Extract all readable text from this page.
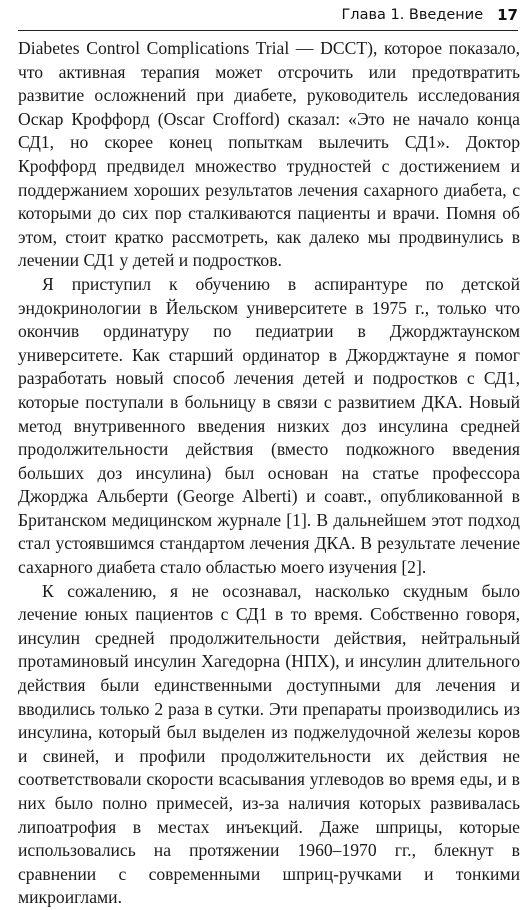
Глава 1. Введение 17

Diabetes Control Complications Trial — DCCT), которое показало, что активная терапия может отсрочить или предотвратить развитие осложнений при диабете, руководитель исследования Оскар Кроффорд (Oscar Crofford) сказал: «Это не начало конца СД1, но скорее конец попыткам вылечить СД1». Доктор Кроффорд предвидел множество трудностей с достижением и поддержанием хороших результатов лечения сахарного диабета, с которыми до сих пор сталкиваются пациенты и врачи. Помня об этом, стоит кратко рассмотреть, как далеко мы продвинулись в лечении СД1 у детей и подростков.

Я приступил к обучению в аспирантуре по детской эндокринологии в Йельском университете в 1975 г., только что окончив ординатуру по педиатрии в Джорджтаунском университете. Как старший ординатор в Джорджтауне я помог разработать новый способ лечения детей и подростков с СД1, которые поступали в больницу в связи с развитием ДКА. Новый метод внутривенного введения низких доз инсулина средней продолжительности действия (вместо подкожного введения больших доз инсулина) был основан на статье профессора Джорджа Альберти (George Alberti) и соавт., опубликованной в Британском медицинском журнале [1]. В дальнейшем этот подход стал устоявшимся стандартом лечения ДКА. В результате лечение сахарного диабета стало областью моего изучения [2].

К сожалению, я не осознавал, насколько скудным было лечение юных пациентов с СД1 в то время. Собственно говоря, инсулин средней продолжительности действия, нейтральный протаминовый инсулин Хагедорна (НПХ), и инсулин длительного действия были единственными доступными для лечения и вводились только 2 раза в сутки. Эти препараты производились из инсулина, который был выделен из поджелудочной железы коров и свиней, и профили продолжительности их действия не соответствовали скорости всасывания углеводов во время еды, и в них было полно примесей, из-за наличия которых развивалась липоатрофия в местах инъекций. Даже шприцы, которые использовались на протяжении 1960–1970 гг., блекнут в сравнении с современными шприц-ручками и тонкими микроиглами.
